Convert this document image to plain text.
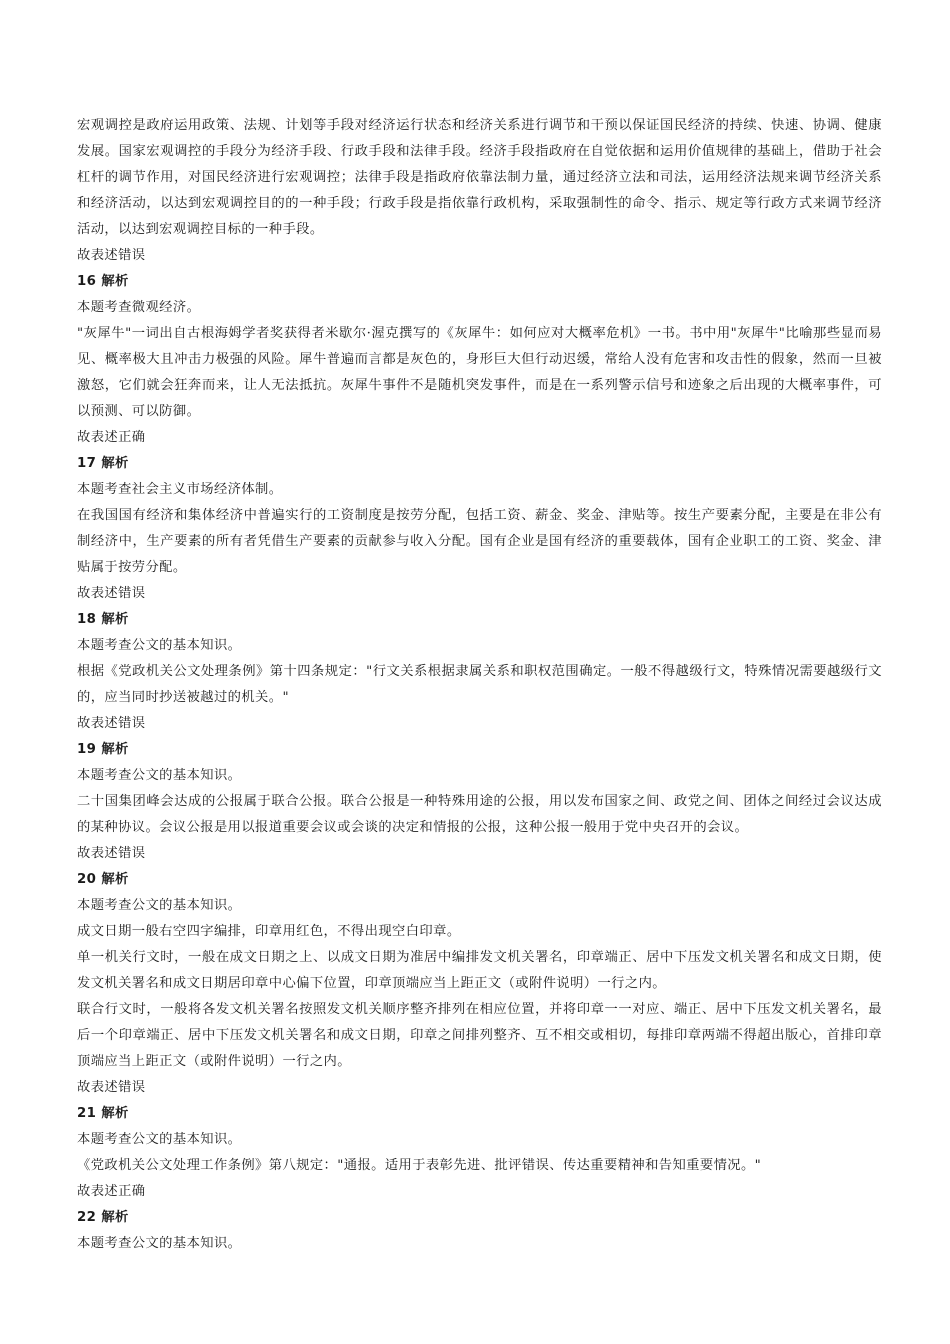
宏观调控是政府运用政策、法规、计划等手段对经济运行状态和经济关系进行调节和干预以保证国民经济的持续、快速、协调、健康发展。国家宏观调控的手段分为经济手段、行政手段和法律手段。经济手段指政府在自觉依据和运用价值规律的基础上，借助于社会杠杆的调节作用，对国民经济进行宏观调控；法律手段是指政府依靠法制力量，通过经济立法和司法，运用经济法规来调节经济关系和经济活动，以达到宏观调控目的的一种手段；行政手段是指依靠行政机构，采取强制性的命令、指示、规定等行政方式来调节经济活动，以达到宏观调控目标的一种手段。

故表述错误

16 解析

本题考查微观经济。

"灰犀牛"一词出自古根海姆学者奖获得者米歇尔·渥克撰写的《灰犀牛：如何应对大概率危机》一书。书中用"灰犀牛"比喻那些显而易见、概率极大且冲击力极强的风险。犀牛普遍而言都是灰色的，身形巨大但行动迟缓，常给人没有危害和攻击性的假象，然而一旦被激怒，它们就会狂奔而来，让人无法抵抗。灰犀牛事件不是随机突发事件，而是在一系列警示信号和迹象之后出现的大概率事件，可以预测、可以防御。

故表述正确

17 解析

本题考查社会主义市场经济体制。

在我国国有经济和集体经济中普遍实行的工资制度是按劳分配，包括工资、薪金、奖金、津贴等。按生产要素分配，主要是在非公有制经济中，生产要素的所有者凭借生产要素的贡献参与收入分配。国有企业是国有经济的重要载体，国有企业职工的工资、奖金、津贴属于按劳分配。

故表述错误

18 解析

本题考查公文的基本知识。

根据《党政机关公文处理条例》第十四条规定："行文关系根据隶属关系和职权范围确定。一般不得越级行文，特殊情况需要越级行文的，应当同时抄送被越过的机关。"

故表述错误

19 解析

本题考查公文的基本知识。

二十国集团峰会达成的公报属于联合公报。联合公报是一种特殊用途的公报，用以发布国家之间、政党之间、团体之间经过会议达成的某种协议。会议公报是用以报道重要会议或会谈的决定和情报的公报，这种公报一般用于党中央召开的会议。

故表述错误

20 解析

本题考查公文的基本知识。

成文日期一般右空四字编排，印章用红色，不得出现空白印章。

单一机关行文时，一般在成文日期之上、以成文日期为准居中编排发文机关署名，印章端正、居中下压发文机关署名和成文日期，使发文机关署名和成文日期居印章中心偏下位置，印章顶端应当上距正文（或附件说明）一行之内。

联合行文时，一般将各发文机关署名按照发文机关顺序整齐排列在相应位置，并将印章一一对应、端正、居中下压发文机关署名，最后一个印章端正、居中下压发文机关署名和成文日期，印章之间排列整齐、互不相交或相切，每排印章两端不得超出版心，首排印章顶端应当上距正文（或附件说明）一行之内。

故表述错误

21 解析

本题考查公文的基本知识。

《党政机关公文处理工作条例》第八规定："通报。适用于表彰先进、批评错误、传达重要精神和告知重要情况。"

故表述正确

22 解析

本题考查公文的基本知识。
